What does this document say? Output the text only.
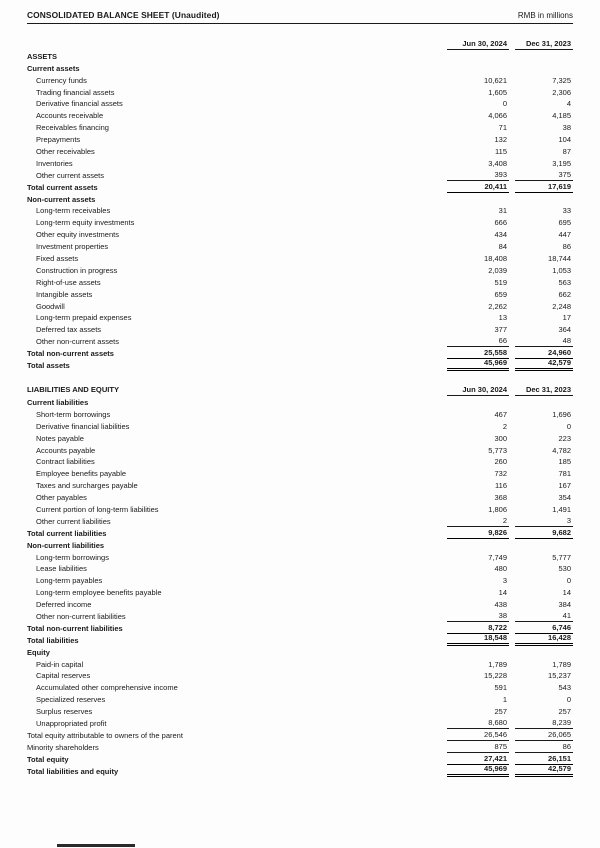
CONSOLIDATED BALANCE SHEET (Unaudited)	RMB in millions
Jun 30, 2024	Dec 31, 2023
ASSETS
Current assets
Currency funds	10,621	7,325
Trading financial assets	1,605	2,306
Derivative financial assets	0	4
Accounts receivable	4,066	4,185
Receivables financing	71	38
Prepayments	132	104
Other receivables	115	87
Inventories	3,408	3,195
Other current assets	393	375
Total current assets	20,411	17,619
Non-current assets
Long-term receivables	31	33
Long-term equity investments	666	695
Other equity investments	434	447
Investment properties	84	86
Fixed assets	18,408	18,744
Construction in progress	2,039	1,053
Right-of-use assets	519	563
Intangible assets	659	662
Goodwill	2,262	2,248
Long-term prepaid expenses	13	17
Deferred tax assets	377	364
Other non-current assets	66	48
Total non-current assets	25,558	24,960
Total assets	45,969	42,579
LIABILITIES AND EQUITY	Jun 30, 2024	Dec 31, 2023
Current liabilities
Short-term borrowings	467	1,696
Derivative financial liabilities	2	0
Notes payable	300	223
Accounts payable	5,773	4,782
Contract liabilities	260	185
Employee benefits payable	732	781
Taxes and surcharges payable	116	167
Other payables	368	354
Current portion of long-term liabilities	1,806	1,491
Other current liabilities	2	3
Total current liabilities	9,826	9,682
Non-current liabilities
Long-term borrowings	7,749	5,777
Lease liabilities	480	530
Long-term payables	3	0
Long-term employee benefits payable	14	14
Deferred income	438	384
Other non-current liabilities	38	41
Total non-current liabilities	8,722	6,746
Total liabilities	18,548	16,428
Equity
Paid-in capital	1,789	1,789
Capital reserves	15,228	15,237
Accumulated other comprehensive income	591	543
Specialized reserves	1	0
Surplus reserves	257	257
Unappropriated profit	8,680	8,239
Total equity attributable to owners of the parent	26,546	26,065
Minority shareholders	875	86
Total equity	27,421	26,151
Total liabilities and equity	45,969	42,579
